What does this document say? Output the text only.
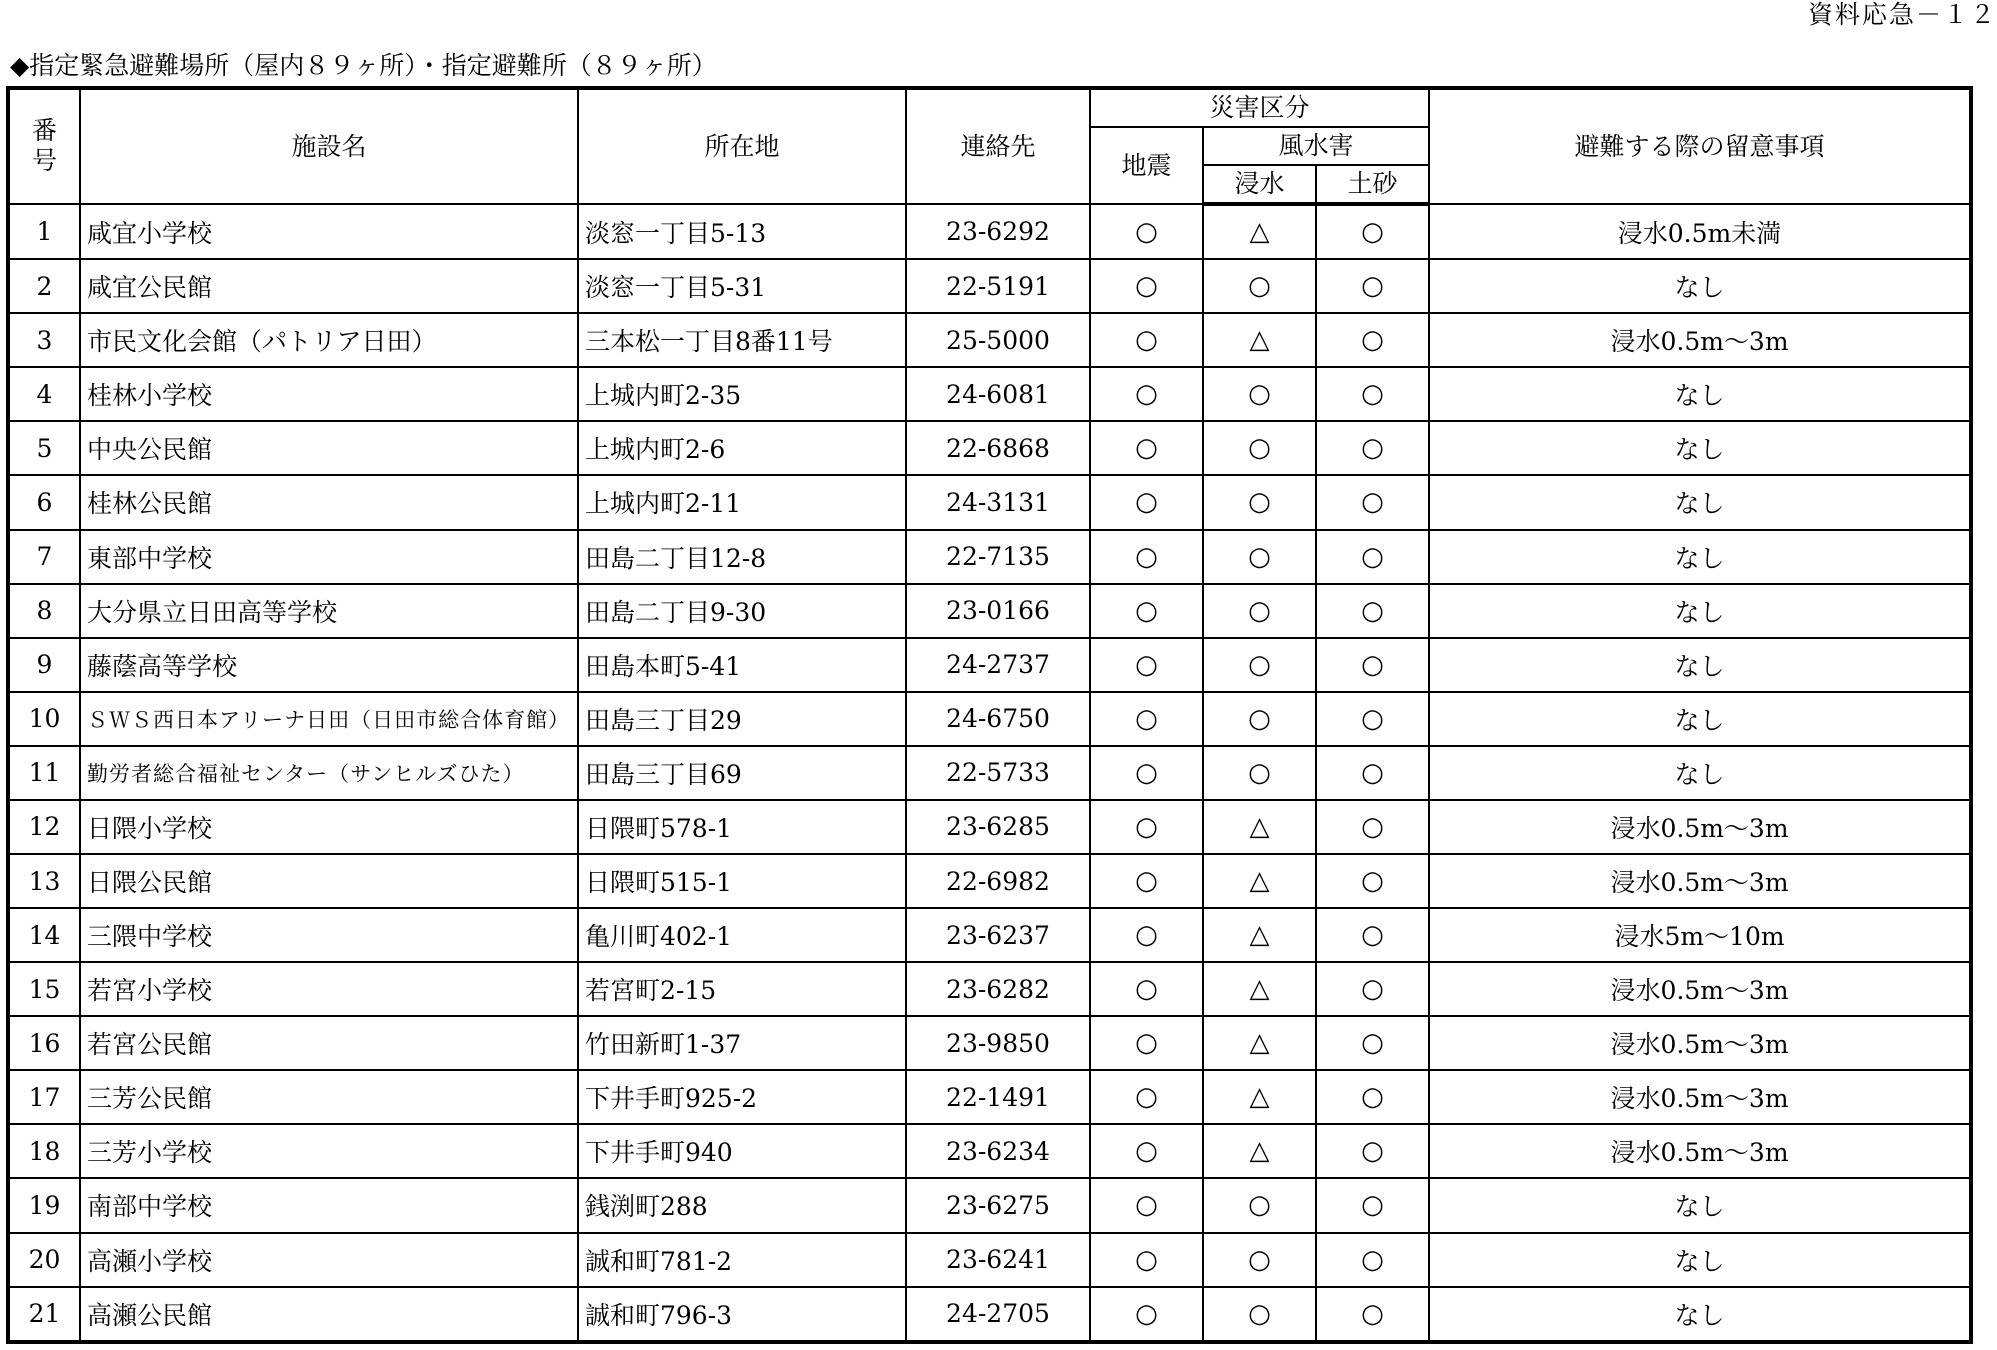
資料応急－１２
◆指定緊急避難場所（屋内８９ヶ所）・指定避難所（８９ヶ所）
番
号	施設名	所在地	連絡先	災害区分			避難する際の留意事項
				地震	風水害		
					浸水	土砂	
1	咸宜小学校	淡窓一丁目5-13	23-6292	○	△	○	浸水0.5m未満
2	咸宜公民館	淡窓一丁目5-31	22-5191	○	○	○	なし
3	市民文化会館（パトリア日田）	三本松一丁目8番11号	25-5000	○	△	○	浸水0.5m～3m
4	桂林小学校	上城内町2-35	24-6081	○	○	○	なし
5	中央公民館	上城内町2-6	22-6868	○	○	○	なし
6	桂林公民館	上城内町2-11	24-3131	○	○	○	なし
7	東部中学校	田島二丁目12-8	22-7135	○	○	○	なし
8	大分県立日田高等学校	田島二丁目9-30	23-0166	○	○	○	なし
9	藤蔭高等学校	田島本町5-41	24-2737	○	○	○	なし
10	ＳＷＳ西日本アリーナ日田（日田市総合体育館）	田島三丁目29	24-6750	○	○	○	なし
11	勤労者総合福祉センター（サンヒルズひた）	田島三丁目69	22-5733	○	○	○	なし
12	日隈小学校	日隈町578-1	23-6285	○	△	○	浸水0.5m～3m
13	日隈公民館	日隈町515-1	22-6982	○	△	○	浸水0.5m～3m
14	三隈中学校	亀川町402-1	23-6237	○	△	○	浸水5m～10m
15	若宮小学校	若宮町2-15	23-6282	○	△	○	浸水0.5m～3m
16	若宮公民館	竹田新町1-37	23-9850	○	△	○	浸水0.5m～3m
17	三芳公民館	下井手町925-2	22-1491	○	△	○	浸水0.5m～3m
18	三芳小学校	下井手町940	23-6234	○	△	○	浸水0.5m～3m
19	南部中学校	銭渕町288	23-6275	○	○	○	なし
20	高瀬小学校	誠和町781-2	23-6241	○	○	○	なし
21	高瀬公民館	誠和町796-3	24-2705	○	○	○	なし
